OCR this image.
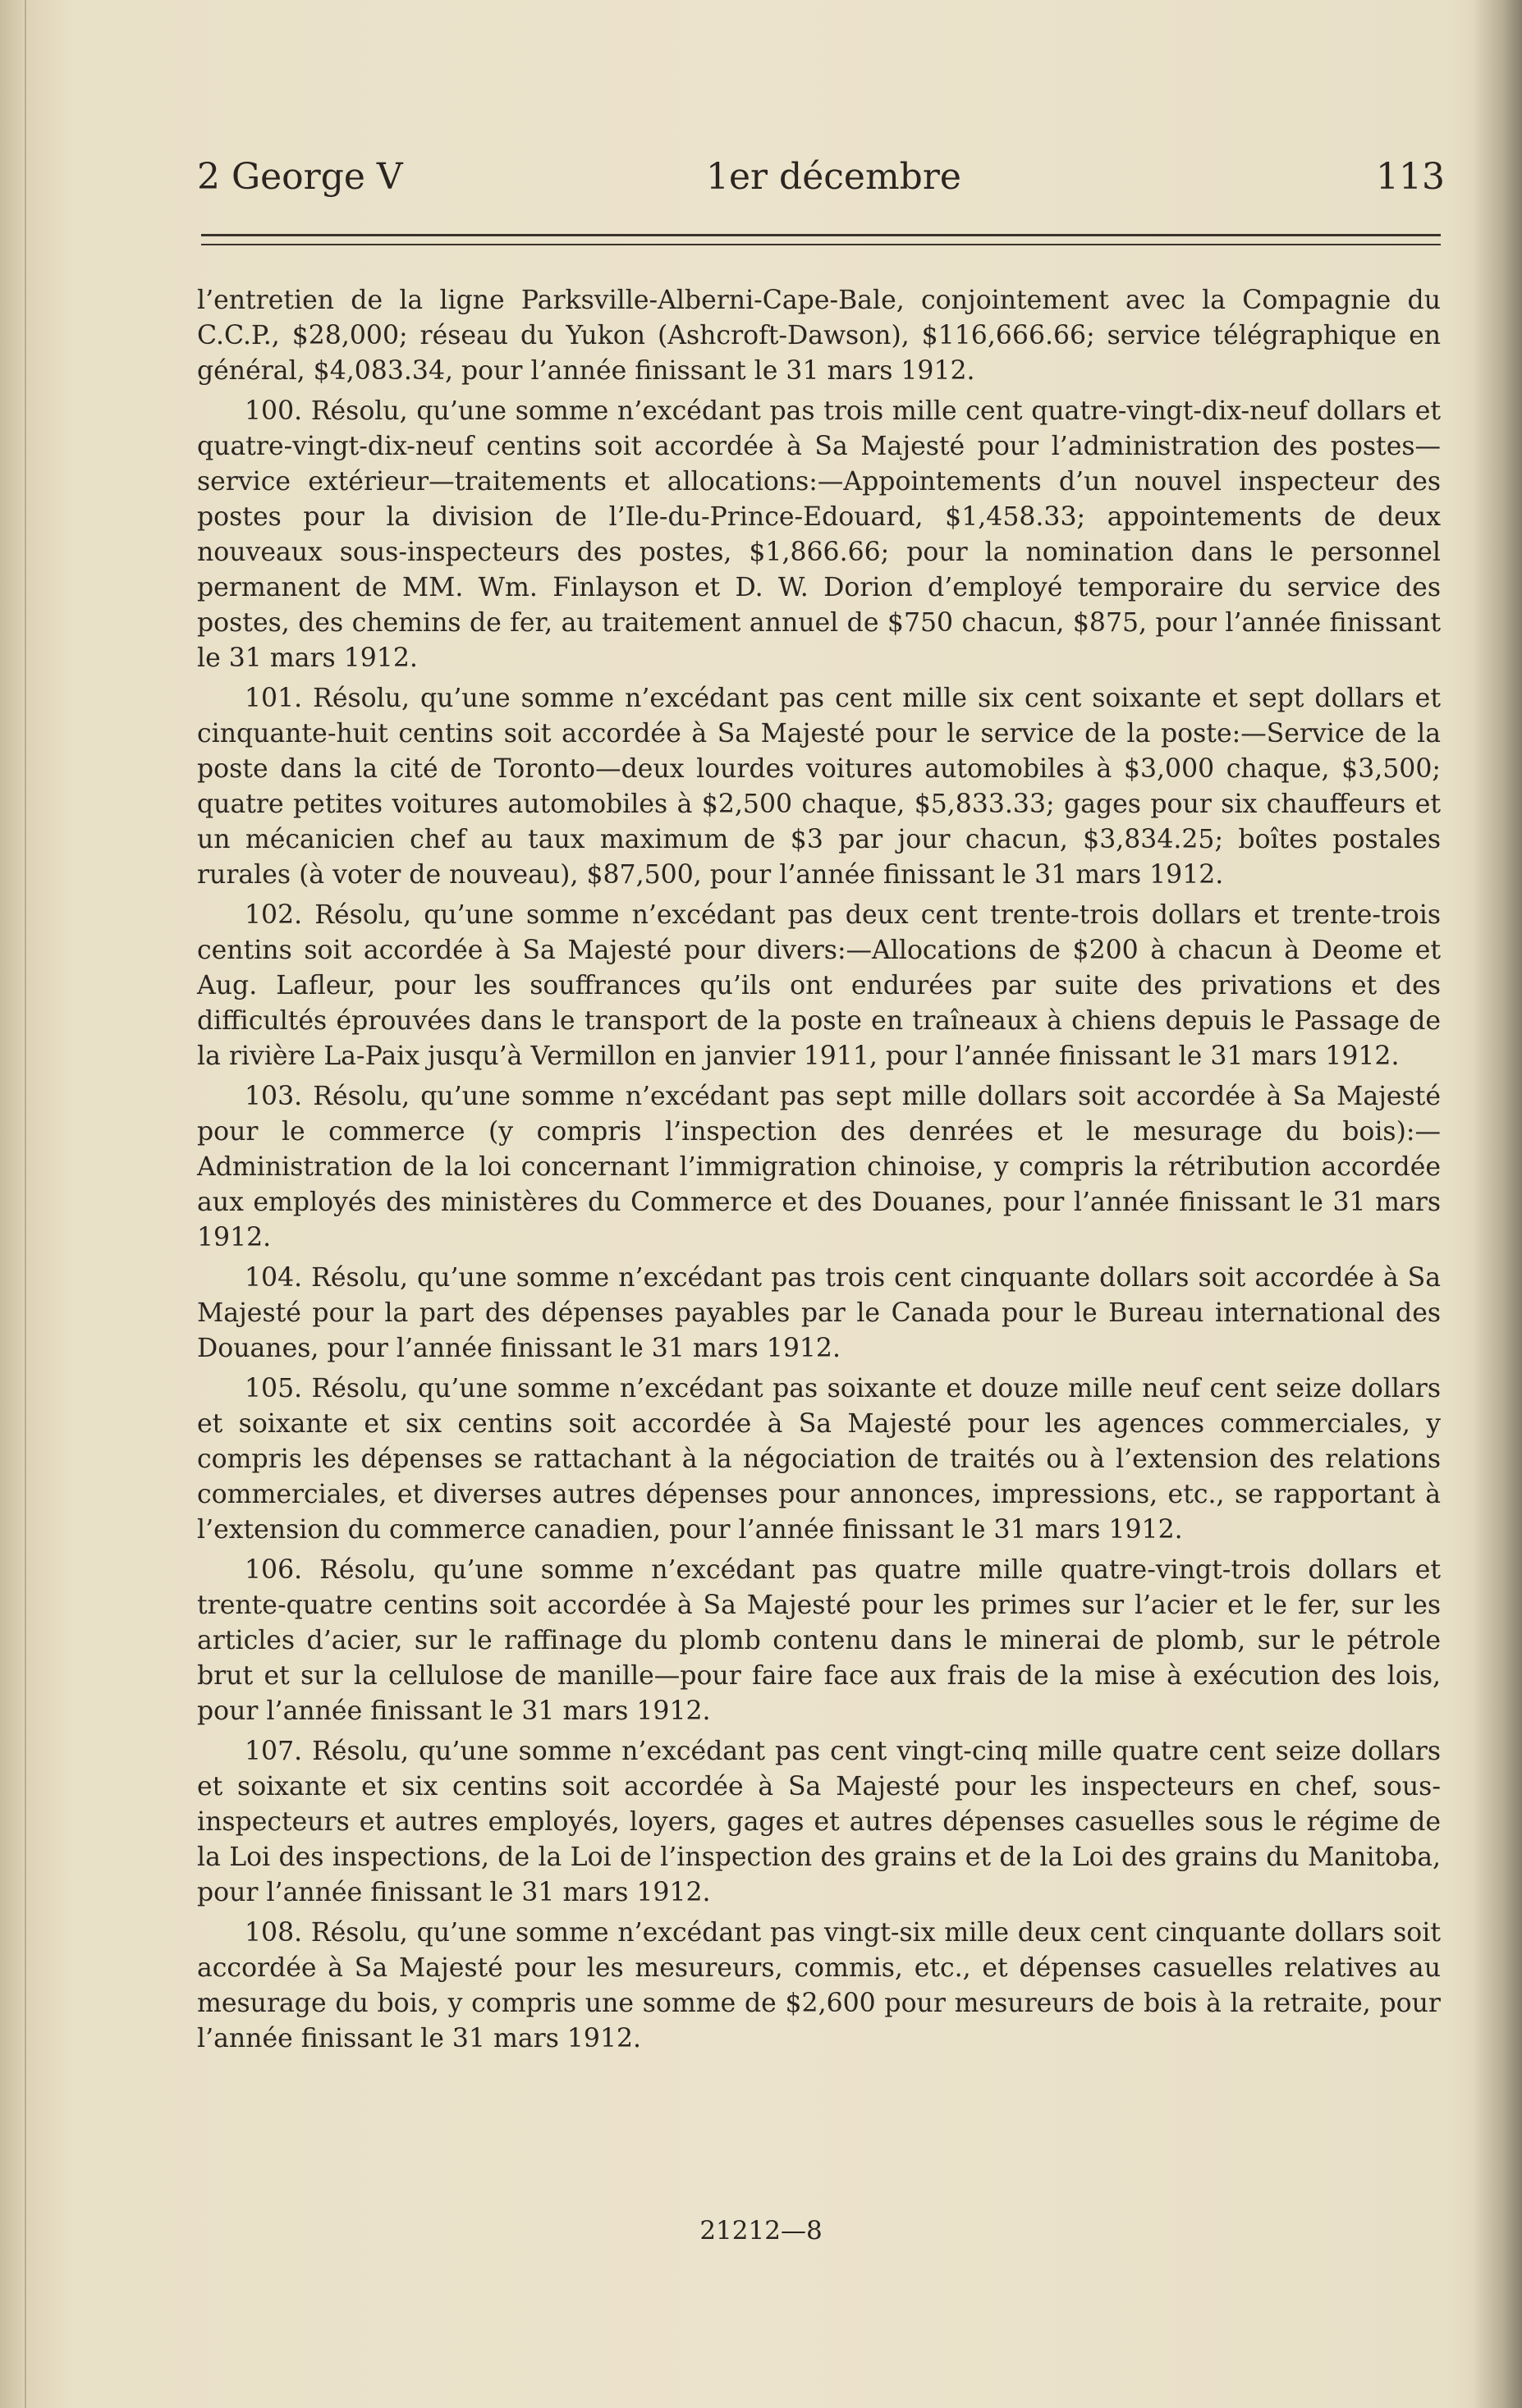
2 George V	1er décembre	113

l’entretien de la ligne Parksville-Alberni-Cape-Bale, conjointement avec la Compagnie du C.C.P., $28,000; réseau du Yukon (Ashcroft-Dawson), $116,666.66; service télégraphique en général, $4,083.34, pour l’année finissant le 31 mars 1912.

100. Résolu, qu’une somme n’excédant pas trois mille cent quatre-vingt-dix-neuf dollars et quatre-vingt-dix-neuf centins soit accordée à Sa Majesté pour l’administration des postes—service extérieur—traitements et allocations:—Appointements d’un nouvel inspecteur des postes pour la division de l’Ile-du-Prince-Edouard, $1,458.33; appointements de deux nouveaux sous-inspecteurs des postes, $1,866.66; pour la nomination dans le personnel permanent de MM. Wm. Finlayson et D. W. Dorion d’employé temporaire du service des postes, des chemins de fer, au traitement annuel de $750 chacun, $875, pour l’année finissant le 31 mars 1912.

101. Résolu, qu’une somme n’excédant pas cent mille six cent soixante et sept dollars et cinquante-huit centins soit accordée à Sa Majesté pour le service de la poste:—Service de la poste dans la cité de Toronto—deux lourdes voitures automobiles à $3,000 chaque, $3,500; quatre petites voitures automobiles à $2,500 chaque, $5,833.33; gages pour six chauffeurs et un mécanicien chef au taux maximum de $3 par jour chacun, $3,834.25; boîtes postales rurales (à voter de nouveau), $87,500, pour l’année finissant le 31 mars 1912.

102. Résolu, qu’une somme n’excédant pas deux cent trente-trois dollars et trente-trois centins soit accordée à Sa Majesté pour divers:—Allocations de $200 à chacun à Deome et Aug. Lafleur, pour les souffrances qu’ils ont endurées par suite des privations et des difficultés éprouvées dans le transport de la poste en traîneaux à chiens depuis le Passage de la rivière La-Paix jusqu’à Vermillon en janvier 1911, pour l’année finissant le 31 mars 1912.

103. Résolu, qu’une somme n’excédant pas sept mille dollars soit accordée à Sa Majesté pour le commerce (y compris l’inspection des denrées et le mesurage du bois):—Administration de la loi concernant l’immigration chinoise, y compris la rétribution accordée aux employés des ministères du Commerce et des Douanes, pour l’année finissant le 31 mars 1912.

104. Résolu, qu’une somme n’excédant pas trois cent cinquante dollars soit accordée à Sa Majesté pour la part des dépenses payables par le Canada pour le Bureau international des Douanes, pour l’année finissant le 31 mars 1912.

105. Résolu, qu’une somme n’excédant pas soixante et douze mille neuf cent seize dollars et soixante et six centins soit accordée à Sa Majesté pour les agences commerciales, y compris les dépenses se rattachant à la négociation de traités ou à l’extension des relations commerciales, et diverses autres dépenses pour annonces, impressions, etc., se rapportant à l’extension du commerce canadien, pour l’année finissant le 31 mars 1912.

106. Résolu, qu’une somme n’excédant pas quatre mille quatre-vingt-trois dollars et trente-quatre centins soit accordée à Sa Majesté pour les primes sur l’acier et le fer, sur les articles d’acier, sur le raffinage du plomb contenu dans le minerai de plomb, sur le pétrole brut et sur la cellulose de manille—pour faire face aux frais de la mise à exécution des lois, pour l’année finissant le 31 mars 1912.

107. Résolu, qu’une somme n’excédant pas cent vingt-cinq mille quatre cent seize dollars et soixante et six centins soit accordée à Sa Majesté pour les inspecteurs en chef, sous-inspecteurs et autres employés, loyers, gages et autres dépenses casuelles sous le régime de la Loi des inspections, de la Loi de l’inspection des grains et de la Loi des grains du Manitoba, pour l’année finissant le 31 mars 1912.

108. Résolu, qu’une somme n’excédant pas vingt-six mille deux cent cinquante dollars soit accordée à Sa Majesté pour les mesureurs, commis, etc., et dépenses casuelles relatives au mesurage du bois, y compris une somme de $2,600 pour mesureurs de bois à la retraite, pour l’année finissant le 31 mars 1912.

21212—8
